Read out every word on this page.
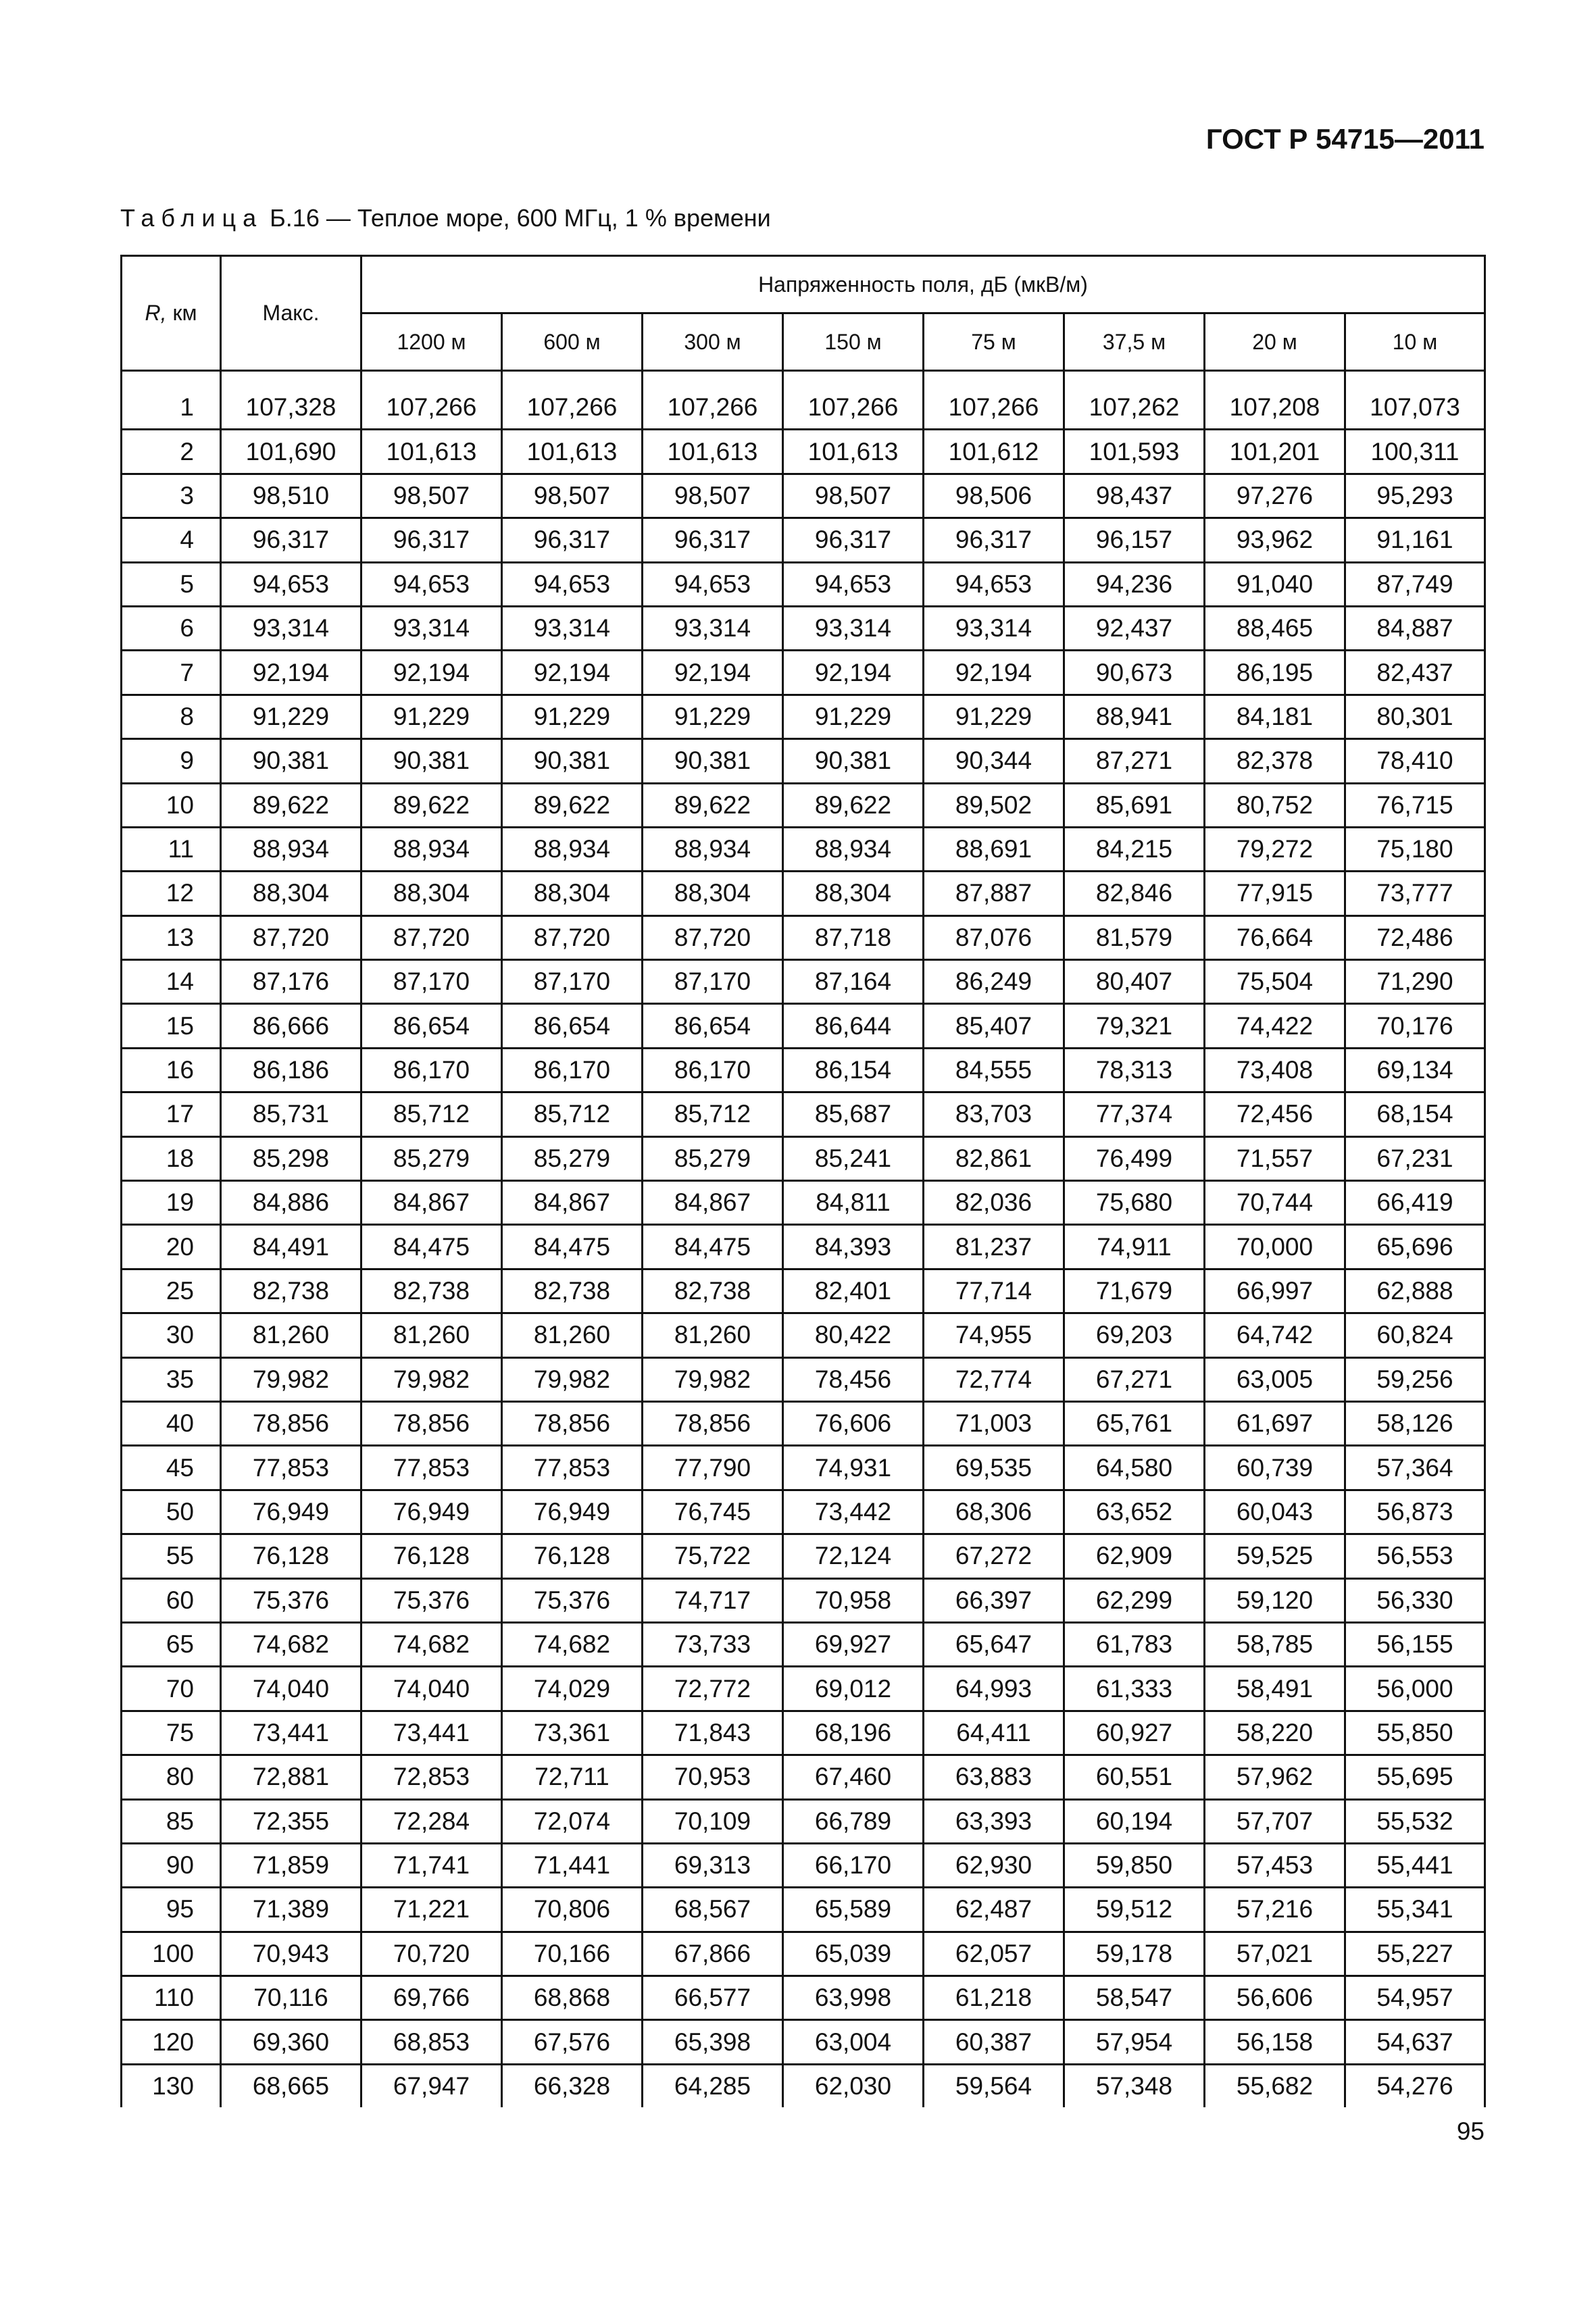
ГОСТ Р 54715—2011
Таблица Б.16 — Теплое море, 600 МГц, 1 % времени
R, км	Макс.	Напряженность поля, дБ (мкВ/м)							
		1200 м	600 м	300 м	150 м	75 м	37,5 м	20 м	10 м

1	107,328	107,266	107,266	107,266	107,266	107,266	107,262	107,208	107,073
2	101,690	101,613	101,613	101,613	101,613	101,612	101,593	101,201	100,311
3	98,510	98,507	98,507	98,507	98,507	98,506	98,437	97,276	95,293
4	96,317	96,317	96,317	96,317	96,317	96,317	96,157	93,962	91,161
5	94,653	94,653	94,653	94,653	94,653	94,653	94,236	91,040	87,749
6	93,314	93,314	93,314	93,314	93,314	93,314	92,437	88,465	84,887
7	92,194	92,194	92,194	92,194	92,194	92,194	90,673	86,195	82,437
8	91,229	91,229	91,229	91,229	91,229	91,229	88,941	84,181	80,301
9	90,381	90,381	90,381	90,381	90,381	90,344	87,271	82,378	78,410
10	89,622	89,622	89,622	89,622	89,622	89,502	85,691	80,752	76,715
11	88,934	88,934	88,934	88,934	88,934	88,691	84,215	79,272	75,180
12	88,304	88,304	88,304	88,304	88,304	87,887	82,846	77,915	73,777
13	87,720	87,720	87,720	87,720	87,718	87,076	81,579	76,664	72,486
14	87,176	87,170	87,170	87,170	87,164	86,249	80,407	75,504	71,290
15	86,666	86,654	86,654	86,654	86,644	85,407	79,321	74,422	70,176
16	86,186	86,170	86,170	86,170	86,154	84,555	78,313	73,408	69,134
17	85,731	85,712	85,712	85,712	85,687	83,703	77,374	72,456	68,154
18	85,298	85,279	85,279	85,279	85,241	82,861	76,499	71,557	67,231
19	84,886	84,867	84,867	84,867	84,811	82,036	75,680	70,744	66,419
20	84,491	84,475	84,475	84,475	84,393	81,237	74,911	70,000	65,696
25	82,738	82,738	82,738	82,738	82,401	77,714	71,679	66,997	62,888
30	81,260	81,260	81,260	81,260	80,422	74,955	69,203	64,742	60,824
35	79,982	79,982	79,982	79,982	78,456	72,774	67,271	63,005	59,256
40	78,856	78,856	78,856	78,856	76,606	71,003	65,761	61,697	58,126
45	77,853	77,853	77,853	77,790	74,931	69,535	64,580	60,739	57,364
50	76,949	76,949	76,949	76,745	73,442	68,306	63,652	60,043	56,873
55	76,128	76,128	76,128	75,722	72,124	67,272	62,909	59,525	56,553
60	75,376	75,376	75,376	74,717	70,958	66,397	62,299	59,120	56,330
65	74,682	74,682	74,682	73,733	69,927	65,647	61,783	58,785	56,155
70	74,040	74,040	74,029	72,772	69,012	64,993	61,333	58,491	56,000
75	73,441	73,441	73,361	71,843	68,196	64,411	60,927	58,220	55,850
80	72,881	72,853	72,711	70,953	67,460	63,883	60,551	57,962	55,695
85	72,355	72,284	72,074	70,109	66,789	63,393	60,194	57,707	55,532
90	71,859	71,741	71,441	69,313	66,170	62,930	59,850	57,453	55,441
95	71,389	71,221	70,806	68,567	65,589	62,487	59,512	57,216	55,341
100	70,943	70,720	70,166	67,866	65,039	62,057	59,178	57,021	55,227
110	70,116	69,766	68,868	66,577	63,998	61,218	58,547	56,606	54,957
120	69,360	68,853	67,576	65,398	63,004	60,387	57,954	56,158	54,637
130	68,665	67,947	66,328	64,285	62,030	59,564	57,348	55,682	54,276
95
